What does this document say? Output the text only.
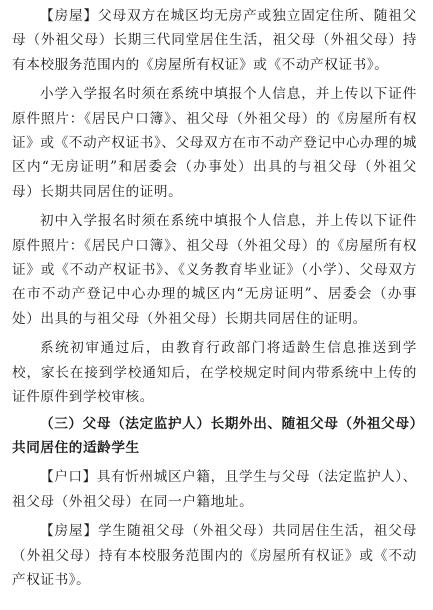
【房屋】父母双方在城区均无房产或独立固定住所、随祖父母（外祖父母）长期三代同堂居住生活，祖父母（外祖父母）持有本校服务范围内的《房屋所有权证》或《不动产权证书》。

小学入学报名时须在系统中填报个人信息，并上传以下证件原件照片：《居民户口簿》、祖父母（外祖父母）的《房屋所有权证》或《不动产权证书》、父母双方在市不动产登记中心办理的城区内“无房证明”和居委会（办事处）出具的与祖父母（外祖父母）长期共同居住的证明。

初中入学报名时须在系统中填报个人信息，并上传以下证件原件照片：《居民户口簿》、祖父母（外祖父母）的《房屋所有权证》或《不动产权证书》、《义务教育毕业证》（小学）、父母双方在市不动产登记中心办理的城区内“无房证明”、居委会（办事处）出具的与祖父母（外祖父母）长期共同居住的证明。

系统初审通过后，由教育行政部门将适龄生信息推送到学校，家长在接到学校通知后，在学校规定时间内带系统中上传的证件原件到学校审核。

（三）父母（法定监护人）长期外出、随祖父母（外祖父母）共同居住的适龄学生

【户口】具有忻州城区户籍，且学生与父母（法定监护人）、祖父母（外祖父母）在同一户籍地址。

【房屋】学生随祖父母（外祖父母）共同居住生活，祖父母（外祖父母）持有本校服务范围内的《房屋所有权证》或《不动产权证书》。
